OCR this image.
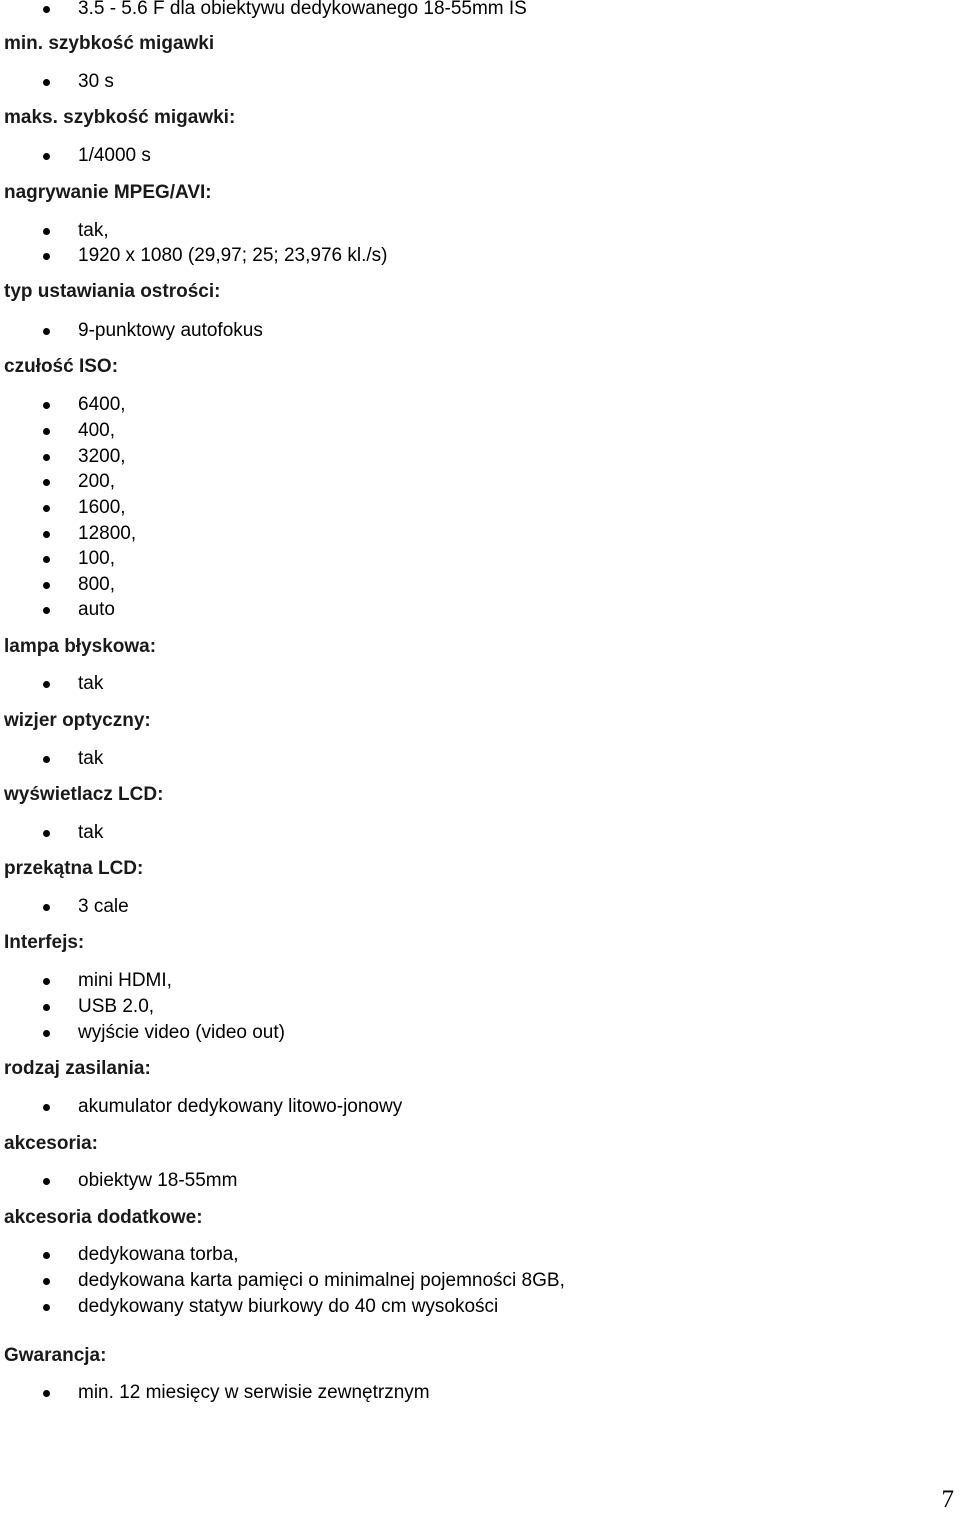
7
3.5 - 5.6 F dla obiektywu dedykowanego 18-55mm IS
min. szybkość migawki
30 s
maks. szybkość migawki:
1/4000 s
nagrywanie MPEG/AVI:
tak,
1920 x 1080 (29,97; 25; 23,976 kl./s)
typ ustawiania ostrości:
9-punktowy autofokus
czułość ISO:
6400,
400,
3200,
200,
1600,
12800,
100,
800,
auto
lampa błyskowa:
tak
wizjer optyczny:
tak
wyświetlacz LCD:
tak
przekątna LCD:
3 cale
Interfejs:
mini HDMI,
USB 2.0,
wyjście video (video out)
rodzaj zasilania:
akumulator dedykowany litowo-jonowy
akcesoria:
obiektyw 18-55mm
akcesoria dodatkowe:
dedykowana torba,
dedykowana karta pamięci o minimalnej pojemności 8GB,
dedykowany statyw biurkowy do 40 cm wysokości
Gwarancja:
min. 12 miesięcy w serwisie zewnętrznym
